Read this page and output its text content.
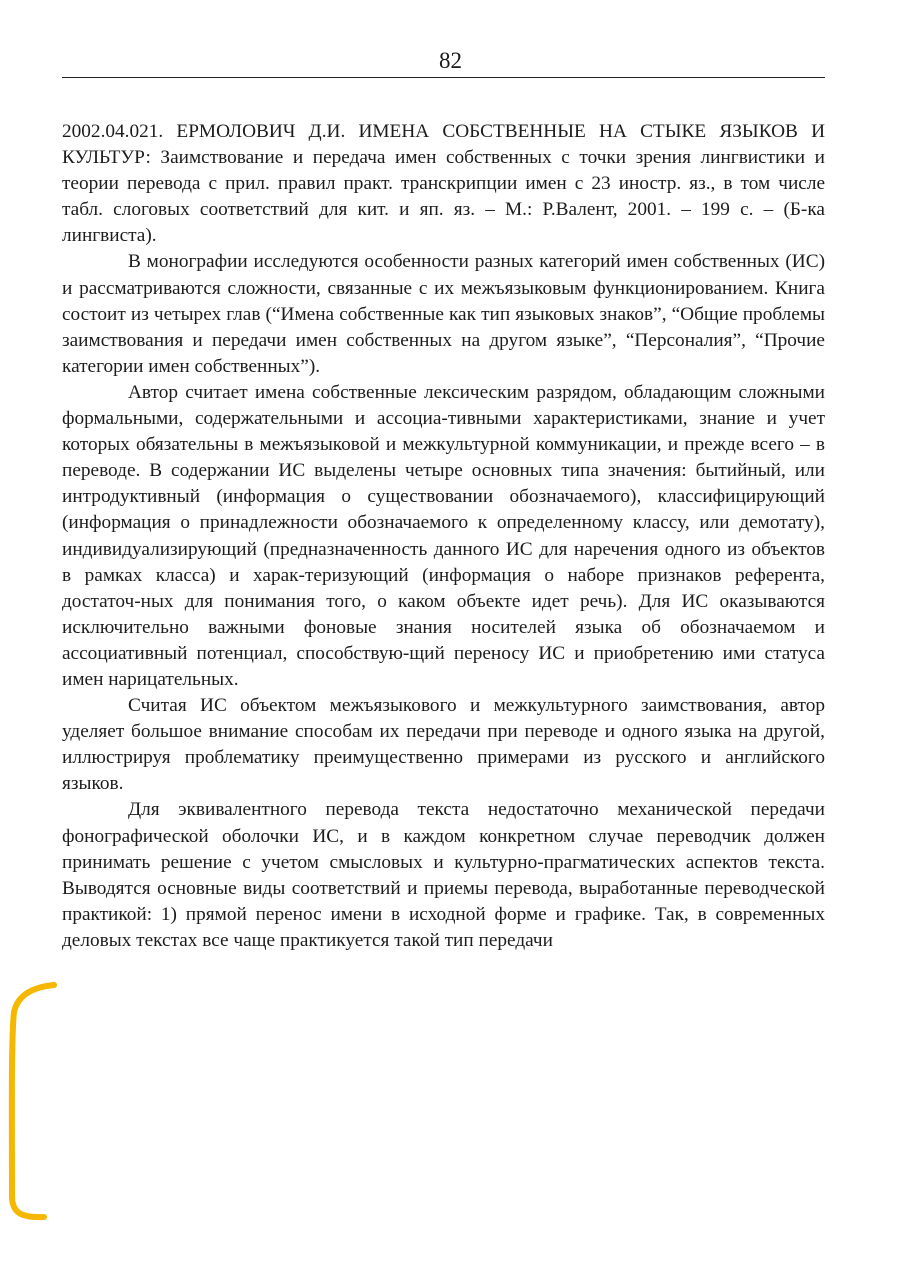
82

2002.04.021. ЕРМОЛОВИЧ Д.И. ИМЕНА СОБСТВЕННЫЕ НА СТЫКЕ ЯЗЫКОВ И КУЛЬТУР: Заимствование и передача имен собственных с точки зрения лингвистики и теории перевода с прил. правил практ. транскрипции имен с 23 иностр. яз., в том числе табл. слоговых соответствий для кит. и яп. яз. – М.: Р.Валент, 2001. – 199 с. – (Б-ка лингвиста).

В монографии исследуются особенности разных категорий имен собственных (ИС) и рассматриваются сложности, связанные с их межъязыковым функционированием. Книга состоит из четырех глав (“Имена собственные как тип языковых знаков”, “Общие проблемы заимствования и передачи имен собственных на другом языке”, “Персоналия”, “Прочие категории имен собственных”).

Автор считает имена собственные лексическим разрядом, обладающим сложными формальными, содержательными и ассоциа-тивными характеристиками, знание и учет которых обязательны в межъязыковой и межкультурной коммуникации, и прежде всего – в переводе. В содержании ИС выделены четыре основных типа значения: бытийный, или интродуктивный (информация о существовании обозначаемого), классифицирующий (информация о принадлежности обозначаемого к определенному классу, или демотату), индивидуализирующий (предназначенность данного ИС для наречения одного из объектов в рамках класса) и харак-теризующий (информация о наборе признаков референта, достаточ-ных для понимания того, о каком объекте идет речь). Для ИС оказываются исключительно важными фоновые знания носителей языка об обозначаемом и ассоциативный потенциал, способствую-щий переносу ИС и приобретению ими статуса имен нарицательных.

Считая ИС объектом межъязыкового и межкультурного заимствования, автор уделяет большое внимание способам их передачи при переводе и одного языка на другой, иллюстрируя проблематику преимущественно примерами из русского и английского языков.

Для эквивалентного перевода текста недостаточно механической передачи фонографической оболочки ИС, и в каждом конкретном случае переводчик должен принимать решение с учетом смысловых и культурно-прагматических аспектов текста. Выводятся основные виды соответствий и приемы перевода, выработанные переводческой практикой: 1) прямой перенос имени в исходной форме и графике. Так, в современных деловых текстах все чаще практикуется такой тип передачи
